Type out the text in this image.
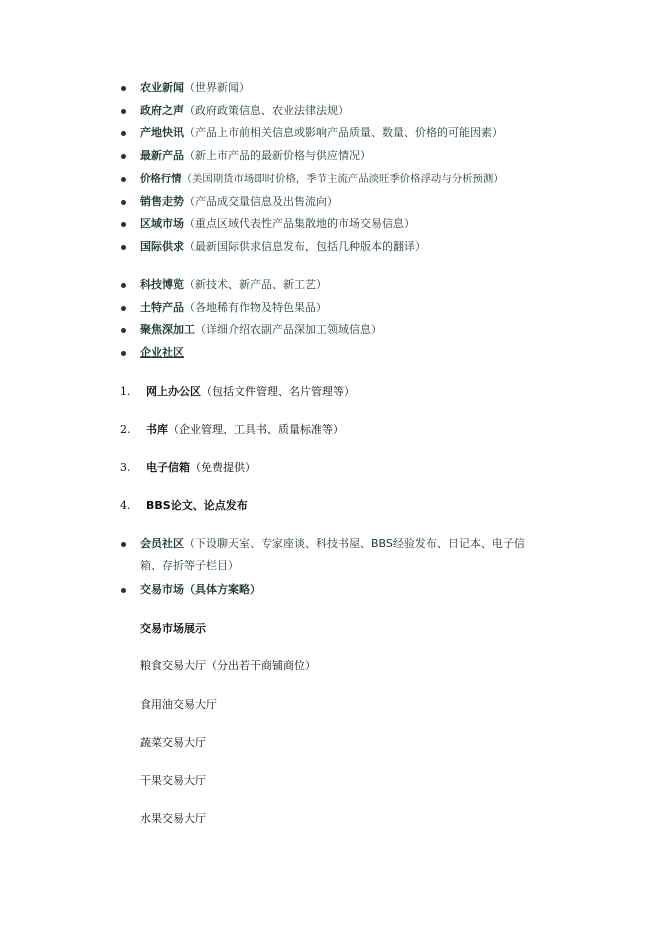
农业新闻（世界新闻）
政府之声（政府政策信息、农业法律法规）
产地快讯（产品上市前相关信息或影响产品质量、数量、价格的可能因素）
最新产品（新上市产品的最新价格与供应情况）
价格行情（美国期货市场即时价格，季节主流产品淡旺季价格浮动与分析预测）
销售走势（产品成交量信息及出售流向）
区域市场（重点区域代表性产品集散地的市场交易信息）
国际供求（最新国际供求信息发布，包括几种版本的翻译）
科技博览（新技术、新产品、新工艺）
土特产品（各地稀有作物及特色果品）
聚焦深加工（详细介绍农副产品深加工领域信息）
企业社区
1. 网上办公区（包括文件管理、名片管理等）
2. 书库（企业管理、工具书、质量标准等）
3. 电子信箱（免费提供）
4. BBS论文、论点发布
会员社区（下设聊天室、专家座谈、科技书屋、BBS经验发布、日记本、电子信
箱、存折等子栏目）
交易市场（具体方案略）
交易市场展示
粮食交易大厅（分出若干商铺商位）
食用油交易大厅
蔬菜交易大厅
干果交易大厅
水果交易大厅
